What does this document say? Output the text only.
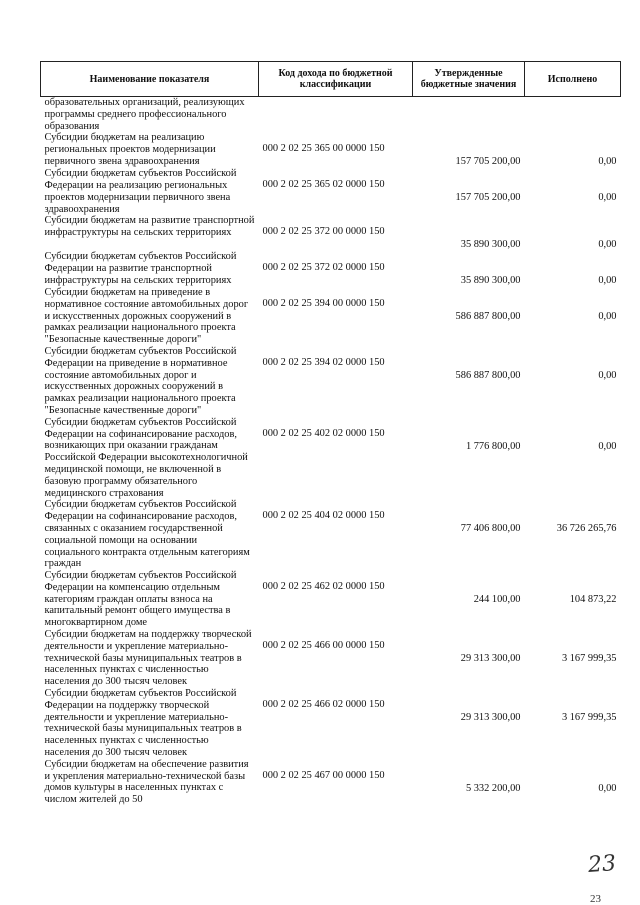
Наименование показателя	Код дохода по бюджетной классификации	Утвержденные бюджетные значения	Исполнено
образовательных организаций, реализующих программы среднего профессионального образования	

Субсидии бюджетам на реализацию региональных проектов модернизации первичного звена здравоохранения	000 2 02 25 365 00 0000 150	157 705 200,00	0,00

Субсидии бюджетам субъектов Российской Федерации на реализацию региональных проектов модернизации первичного звена здравоохранения	000 2 02 25 365 02 0000 150	157 705 200,00	0,00

Субсидии бюджетам на развитие транспортной инфраструктуры на сельских территориях	000 2 02 25 372 00 0000 150	35 890 300,00	0,00

Субсидии бюджетам субъектов Российской Федерации на развитие транспортной инфраструктуры на сельских территориях	000 2 02 25 372 02 0000 150	35 890 300,00	0,00

Субсидии бюджетам на приведение в нормативное состояние автомобильных дорог и искусственных дорожных сооружений в рамках реализации национального проекта "Безопасные качественные дороги"	000 2 02 25 394 00 0000 150	586 887 800,00	0,00

Субсидии бюджетам субъектов Российской Федерации на приведение в нормативное состояние автомобильных дорог и искусственных дорожных сооружений в рамках реализации национального проекта "Безопасные качественные дороги"	000 2 02 25 394 02 0000 150	586 887 800,00	0,00

Субсидии бюджетам субъектов Российской Федерации на софинансирование расходов, возникающих при оказании гражданам Российской Федерации высокотехнологичной медицинской помощи, не включенной в базовую программу обязательного медицинского страхования	000 2 02 25 402 02 0000 150	1 776 800,00	0,00

Субсидии бюджетам субъектов Российской Федерации на софинансирование расходов, связанных с оказанием государственной социальной помощи на основании социального контракта отдельным категориям граждан	000 2 02 25 404 02 0000 150	77 406 800,00	36 726 265,76

Субсидии бюджетам субъектов Российской Федерации на компенсацию отдельным категориям граждан оплаты взноса на капитальный ремонт общего имущества в многоквартирном доме	000 2 02 25 462 02 0000 150	244 100,00	104 873,22

Субсидии бюджетам на поддержку творческой деятельности и укрепление материально-технической базы муниципальных театров в населенных пунктах с численностью населения до 300 тысяч человек	000 2 02 25 466 00 0000 150	29 313 300,00	3 167 999,35

Субсидии бюджетам субъектов Российской Федерации на поддержку творческой деятельности и укрепление материально-технической базы муниципальных театров в населенных пунктах с численностью населения до 300 тысяч человек	000 2 02 25 466 02 0000 150	29 313 300,00	3 167 999,35

Субсидии бюджетам на обеспечение развития и укрепления материально-технической базы домов культуры в населенных пунктах с числом жителей до 50	000 2 02 25 467 00 0000 150	5 332 200,00	0,00
23
23
